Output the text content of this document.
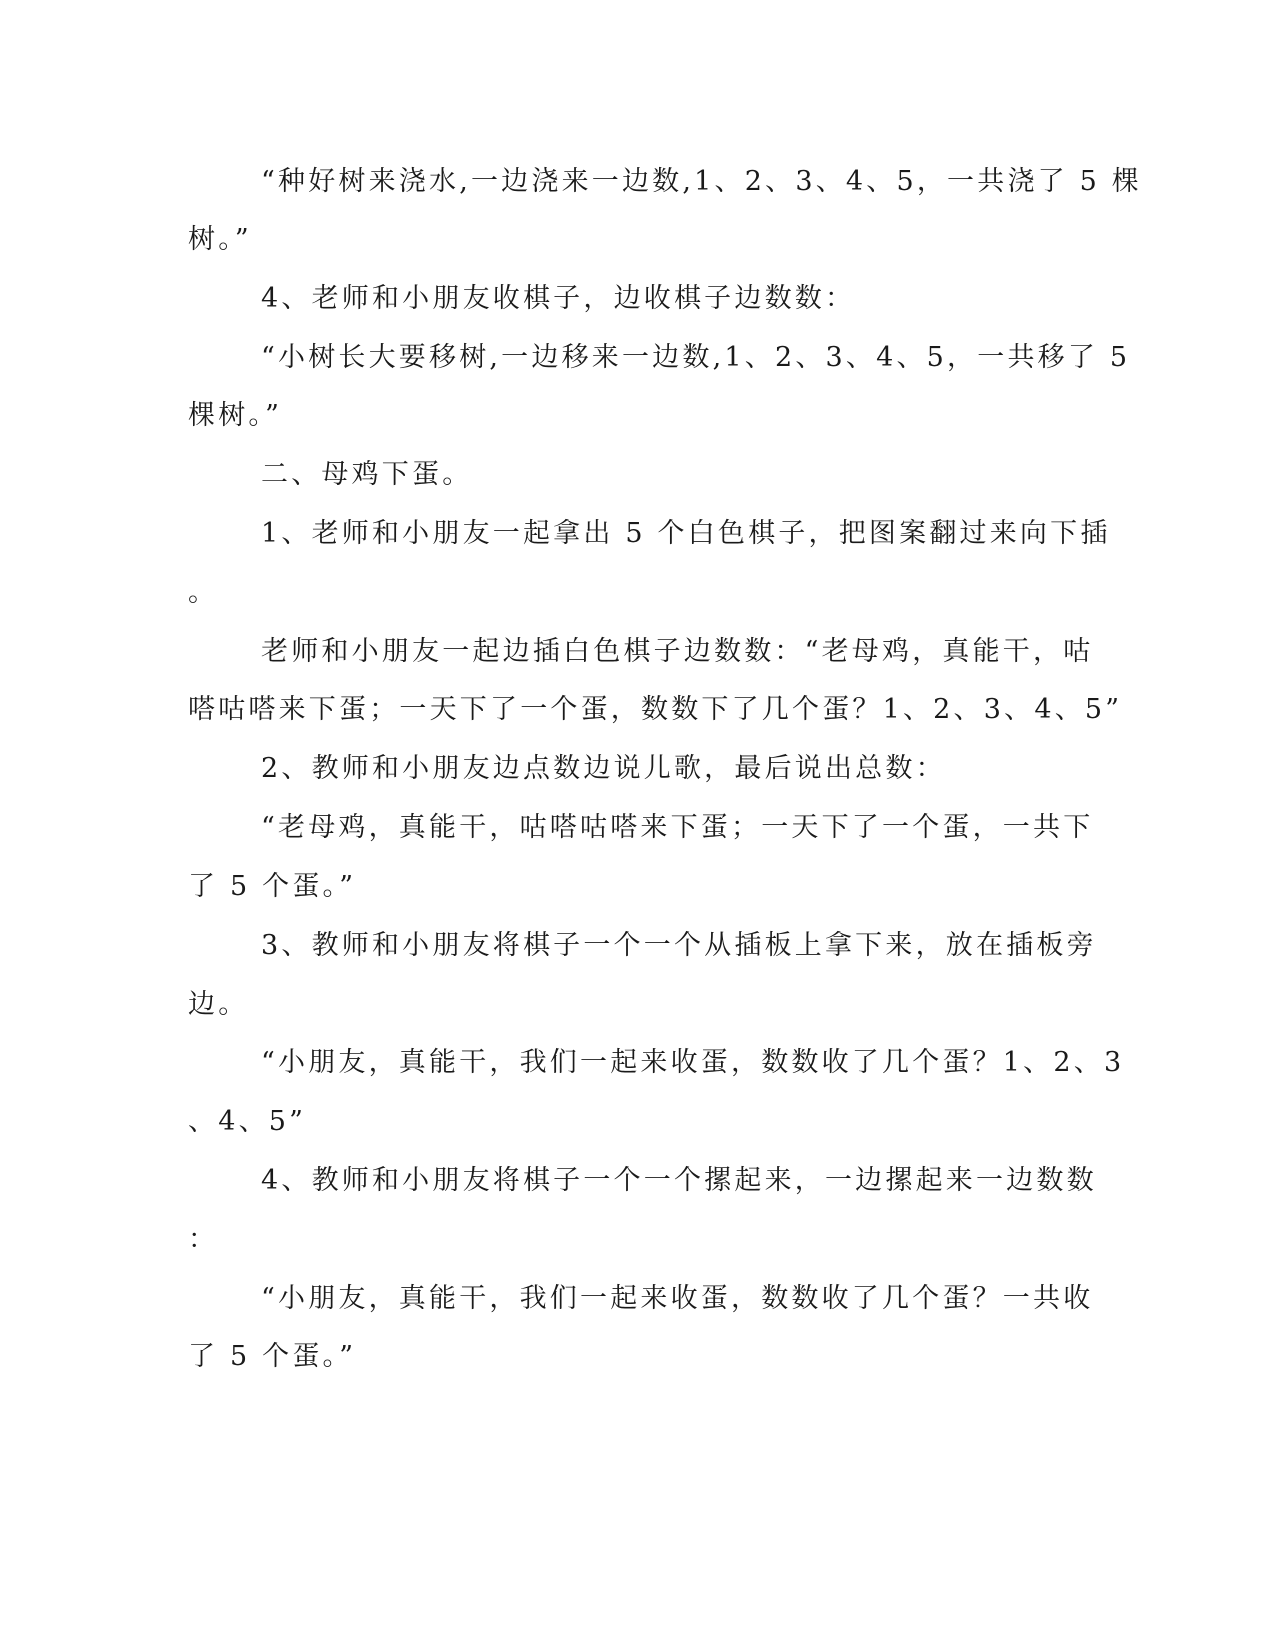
“种好树来浇水,一边浇来一边数,1、2、3、4、5，一共浇了 5 棵
树。”
4、老师和小朋友收棋子，边收棋子边数数：
“小树长大要移树,一边移来一边数,1、2、3、4、5，一共移了 5
棵树。”
二、母鸡下蛋。
1、老师和小朋友一起拿出 5 个白色棋子，把图案翻过来向下插
。
老师和小朋友一起边插白色棋子边数数：“老母鸡，真能干，咕
嗒咕嗒来下蛋；一天下了一个蛋，数数下了几个蛋？1、2、3、4、5”
2、教师和小朋友边点数边说儿歌，最后说出总数：
“老母鸡，真能干，咕嗒咕嗒来下蛋；一天下了一个蛋，一共下
了 5 个蛋。”
3、教师和小朋友将棋子一个一个从插板上拿下来，放在插板旁
边。
“小朋友，真能干，我们一起来收蛋，数数收了几个蛋？1、2、3
、4、5”
4、教师和小朋友将棋子一个一个摞起来，一边摞起来一边数数
：
“小朋友，真能干，我们一起来收蛋，数数收了几个蛋？一共收
了 5 个蛋。”
